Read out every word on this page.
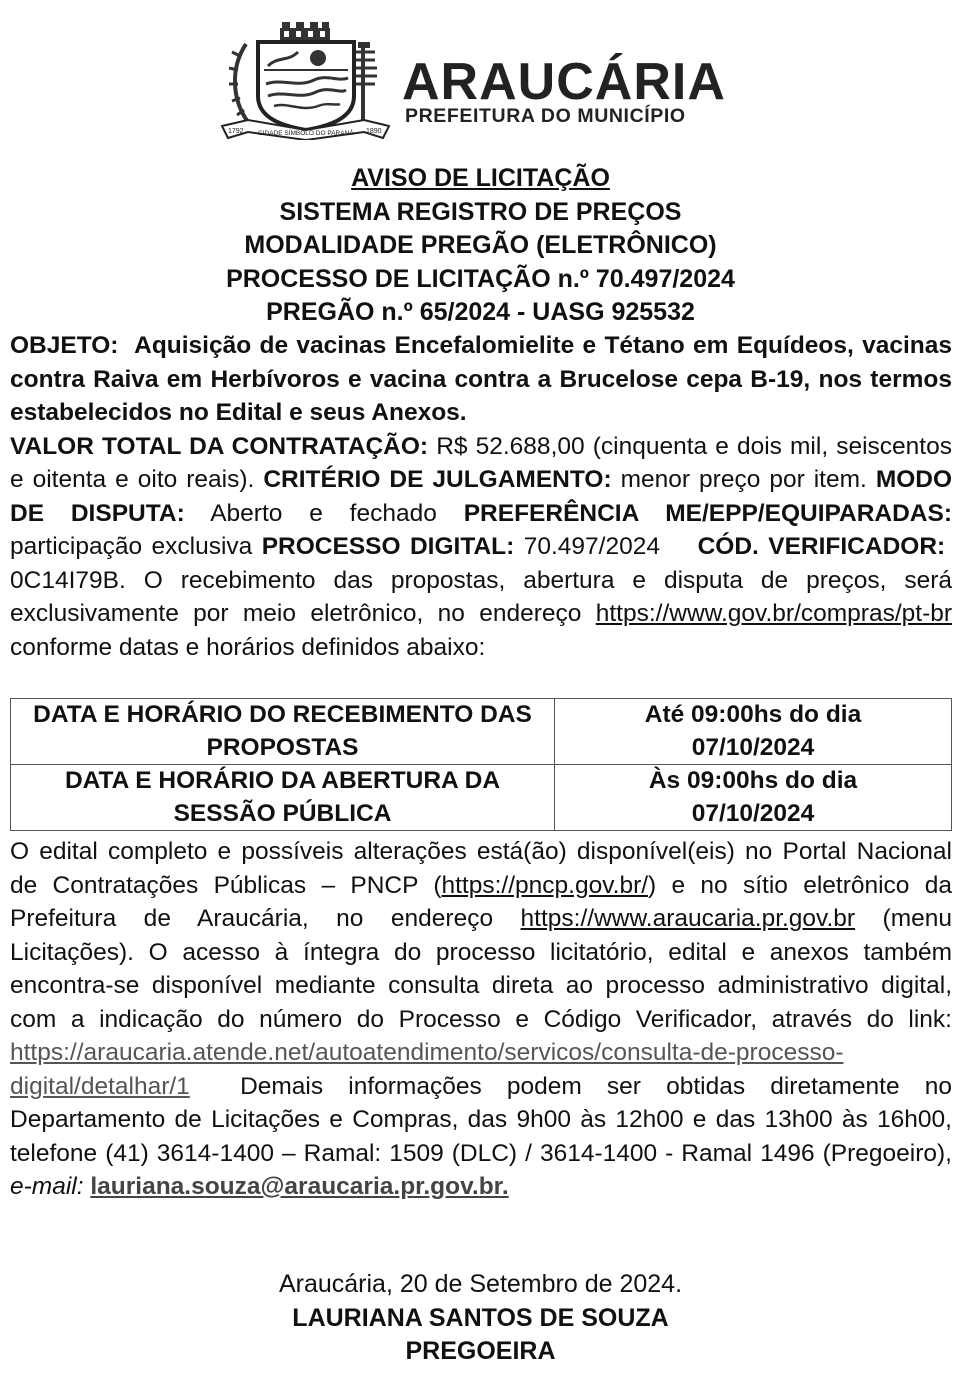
1792 CIDADE SÍMBOLO DO PARANÁ 1890
ARAUCÁRIA
PREFEITURA DO MUNICÍPIO
AVISO DE LICITAÇÃO
SISTEMA REGISTRO DE PREÇOS
MODALIDADE PREGÃO (ELETRÔNICO)
PROCESSO DE LICITAÇÃO n.º 70.497/2024
PREGÃO n.º 65/2024 - UASG 925532

OBJETO: Aquisição de vacinas Encefalomielite e Tétano em Equídeos, vacinas contra Raiva em Herbívoros e vacina contra a Brucelose cepa B-19, nos termos estabelecidos no Edital e seus Anexos.

VALOR TOTAL DA CONTRATAÇÃO: R$ 52.688,00 (cinquenta e dois mil, seiscentos e oitenta e oito reais). CRITÉRIO DE JULGAMENTO: menor preço por item. MODO DE DISPUTA: Aberto e fechado PREFERÊNCIA ME/EPP/EQUIPARADAS: participação exclusiva PROCESSO DIGITAL: 70.497/2024 CÓD. VERIFICADOR:  0C14I79B. O recebimento das propostas, abertura e disputa de preços, será exclusivamente por meio eletrônico, no endereço https://www.gov.br/compras/pt-br conforme datas e horários definidos abaixo:

DATA E HORÁRIO DO RECEBIMENTO DAS PROPOSTAS	Até 09:00hs do dia
07/10/2024
DATA E HORÁRIO DA ABERTURA DA SESSÃO PÚBLICA	Às 09:00hs do dia
07/10/2024

O edital completo e possíveis alterações está(ão) disponível(eis) no Portal Nacional de Contratações Públicas – PNCP (https://pncp.gov.br/) e no sítio eletrônico da Prefeitura de Araucária, no endereço https://www.araucaria.pr.gov.br (menu Licitações). O acesso à íntegra do processo licitatório, edital e anexos também encontra-se disponível mediante consulta direta ao processo administrativo digital, com a indicação do número do Processo e Código Verificador, através do link: https://araucaria.atende.net/autoatendimento/servicos/consulta-de-processo-digital/detalhar/1 Demais informações podem ser obtidas diretamente no Departamento de Licitações e Compras, das 9h00 às 12h00 e das 13h00 às 16h00, telefone (41) 3614-1400 – Ramal: 1509 (DLC) / 3614-1400 - Ramal 1496 (Pregoeiro), e-mail: lauriana.souza@araucaria.pr.gov.br.

Araucária, 20 de Setembro de 2024.
LAURIANA SANTOS DE SOUZA
PREGOEIRA
